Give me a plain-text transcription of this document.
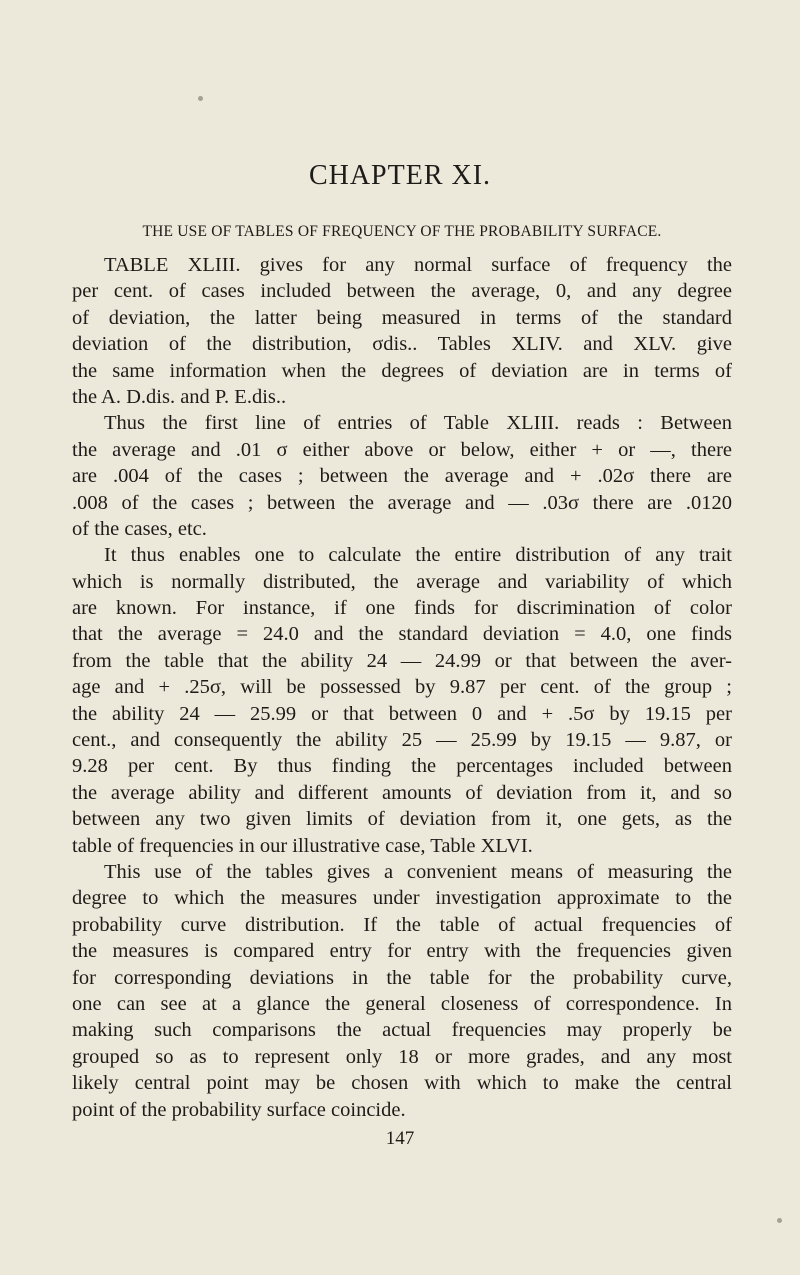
CHAPTER XI.
THE USE OF TABLES OF FREQUENCY OF THE PROBABILITY SURFACE.
TABLE XLIII. gives for any normal surface of frequency the
per cent. of cases included between the average, 0, and any degree
of deviation, the latter being measured in terms of the standard
deviation of the distribution, σdis.. Tables XLIV. and XLV. give
the same information when the degrees of deviation are in terms of
the A. D.dis. and P. E.dis..
Thus the first line of entries of Table XLIII. reads : Between
the average and .01 σ either above or below, either + or —, there
are .004 of the cases ; between the average and + .02σ there are
.008 of the cases ; between the average and — .03σ there are .0120
of the cases, etc.
It thus enables one to calculate the entire distribution of any trait
which is normally distributed, the average and variability of which
are known. For instance, if one finds for discrimination of color
that the average = 24.0 and the standard deviation = 4.0, one finds
from the table that the ability 24 — 24.99 or that between the aver-
age and + .25σ, will be possessed by 9.87 per cent. of the group ;
the ability 24 — 25.99 or that between 0 and + .5σ by 19.15 per
cent., and consequently the ability 25 — 25.99 by 19.15 — 9.87, or
9.28 per cent. By thus finding the percentages included between
the average ability and different amounts of deviation from it, and so
between any two given limits of deviation from it, one gets, as the
table of frequencies in our illustrative case, Table XLVI.
This use of the tables gives a convenient means of measuring the
degree to which the measures under investigation approximate to the
probability curve distribution. If the table of actual frequencies of
the measures is compared entry for entry with the frequencies given
for corresponding deviations in the table for the probability curve,
one can see at a glance the general closeness of correspondence. In
making such comparisons the actual frequencies may properly be
grouped so as to represent only 18 or more grades, and any most
likely central point may be chosen with which to make the central
point of the probability surface coincide.
147
